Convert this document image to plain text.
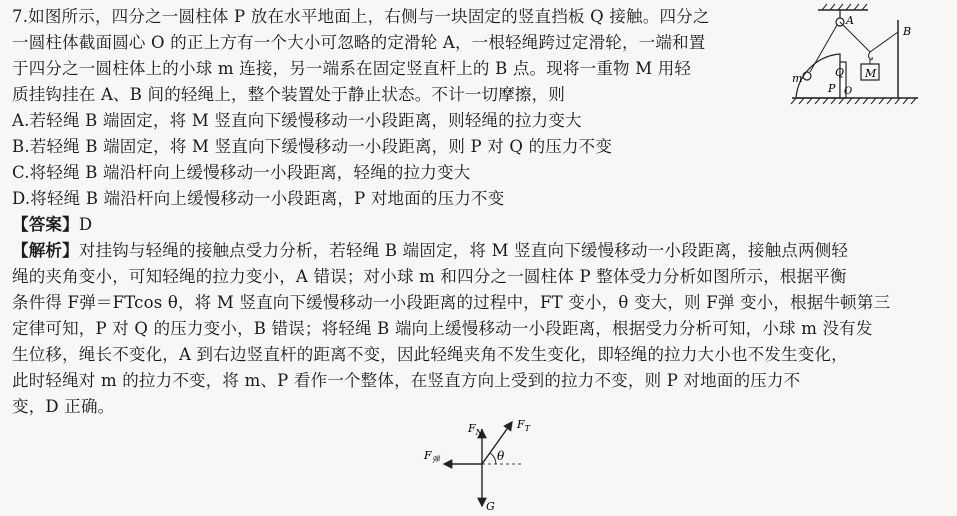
7.如图所示，四分之一圆柱体 P 放在水平地面上，右侧与一块固定的竖直挡板 Q 接触。四分之
一圆柱体截面圆心 O 的正上方有一个大小可忽略的定滑轮 A，一根轻绳跨过定滑轮，一端和置
于四分之一圆柱体上的小球 m 连接，另一端系在固定竖直杆上的 B 点。现将一重物 M 用轻
质挂钩挂在 A、B 间的轻绳上，整个装置处于静止状态。不计一切摩擦，则
A.若轻绳 B 端固定，将 M 竖直向下缓慢移动一小段距离，则轻绳的拉力变大
B.若轻绳 B 端固定，将 M 竖直向下缓慢移动一小段距离，则 P 对 Q 的压力不变
C.将轻绳 B 端沿杆向上缓慢移动一小段距离，轻绳的拉力变大
D.将轻绳 B 端沿杆向上缓慢移动一小段距离，P 对地面的压力不变
【答案】D
【解析】对挂钩与轻绳的接触点受力分析，若轻绳 B 端固定，将 M 竖直向下缓慢移动一小段距离，接触点两侧轻
绳的夹角变小，可知轻绳的拉力变小，A 错误；对小球 m 和四分之一圆柱体 P 整体受力分析如图所示，根据平衡
条件得 F弹＝FTcos θ，将 M 竖直向下缓慢移动一小段距离的过程中，FT 变小，θ 变大，则 F弹 变小，根据牛顿第三
定律可知，P 对 Q 的压力变小，B 错误；将轻绳 B 端向上缓慢移动一小段距离，根据受力分析可知，小球 m 没有发
生位移，绳长不变化，A 到右边竖直杆的距离不变，因此轻绳夹角不发生变化，即轻绳的拉力大小也不发生变化，
此时轻绳对 m 的拉力不变，将 m、P 看作一个整体，在竖直方向上受到的拉力不变，则 P 对地面的压力不
变，D 正确。
A
B
M
Q
P O
m
θ
$F_N$
$F_T$
$F_弹$
G
